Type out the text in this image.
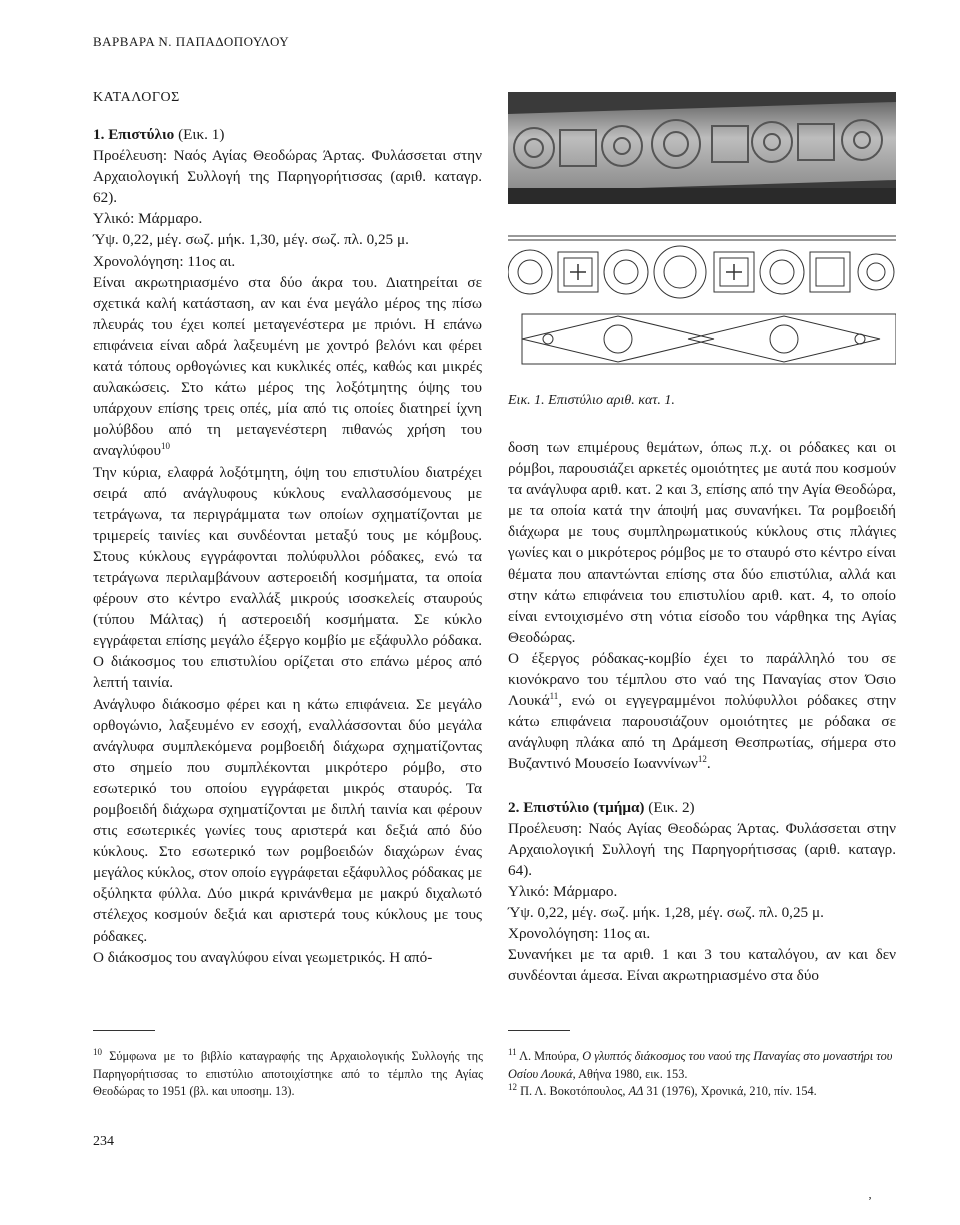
ΒΑΡΒΑΡΑ Ν. ΠΑΠΑΔΟΠΟΥΛΟΥ
ΚΑΤΑΛΟΓΟΣ

1. Επιστύλιο (Εικ. 1)

Προέλευση: Ναός Αγίας Θεοδώρας Άρτας. Φυλάσσεται στην Αρχαιολογική Συλλογή της Παρηγορήτισσας (αριθ. καταγρ. 62).

Υλικό: Μάρμαρο.

Ύψ. 0,22, μέγ. σωζ. μήκ. 1,30, μέγ. σωζ. πλ. 0,25 μ.

Χρονολόγηση: 11ος αι.

Είναι ακρωτηριασμένο στα δύο άκρα του. Διατηρείται σε σχετικά καλή κατάσταση, αν και ένα μεγάλο μέρος της πίσω πλευράς του έχει κοπεί μεταγενέστερα με πριόνι. Η επάνω επιφάνεια είναι αδρά λαξευμένη με χοντρό βελόνι και φέρει κατά τόπους ορθογώνιες και κυκλικές οπές, καθώς και μικρές αυλακώσεις. Στο κάτω μέρος της λοξότμητης όψης του υπάρχουν επίσης τρεις οπές, μία από τις οποίες διατηρεί ίχνη μολύβδου από τη μεταγενέστερη πιθανώς χρήση του αναγλύφου$^{10}$

Την κύρια, ελαφρά λοξότμητη, όψη του επιστυλίου διατρέχει σειρά από ανάγλυφους κύκλους εναλλασσόμενους με τετράγωνα, τα περιγράμματα των οποίων σχηματίζονται με τριμερείς ταινίες και συνδέονται μεταξύ τους με κόμβους. Στους κύκλους εγγράφονται πολύφυλλοι ρόδακες, ενώ τα τετράγωνα περιλαμβάνουν αστεροειδή κοσμήματα, τα οποία φέρουν στο κέντρο εναλλάξ μικρούς ισοσκελείς σταυρούς (τύπου Μάλτας) ή αστεροειδή κοσμήματα. Σε κύκλο εγγράφεται επίσης μεγάλο έξεργο κομβίο με εξάφυλλο ρόδακα. Ο διάκοσμος του επιστυλίου ορίζεται στο επάνω μέρος από λεπτή ταινία.

Ανάγλυφο διάκοσμο φέρει και η κάτω επιφάνεια. Σε μεγάλο ορθογώνιο, λαξευμένο εν εσοχή, εναλλάσσονται δύο μεγάλα ανάγλυφα συμπλεκόμενα ρομβοειδή διάχωρα σχηματίζοντας στο σημείο που συμπλέκονται μικρότερο ρόμβο, στο εσωτερικό του οποίου εγγράφεται μικρός σταυρός. Τα ρομβοειδή διάχωρα σχηματίζονται με διπλή ταινία και φέρουν στις εσωτερικές γωνίες τους αριστερά και δεξιά από δύο κύκλους. Στο εσωτερικό των ρομβοειδών διαχώρων ένας μεγάλος κύκλος, στον οποίο εγγράφεται εξάφυλλος ρόδακας με οξύληκτα φύλλα. Δύο μικρά κρινάνθεμα με μακρύ διχαλωτό στέλεχος κοσμούν δεξιά και αριστερά τους κύκλους με τους ρόδακες.

Ο διάκοσμος του αναγλύφου είναι γεωμετρικός. Η από-

Εικ. 1. Επιστύλιο αριθ. κατ. 1.

δοση των επιμέρους θεμάτων, όπως π.χ. οι ρόδακες και οι ρόμβοι, παρουσιάζει αρκετές ομοιότητες με αυτά που κοσμούν τα ανάγλυφα αριθ. κατ. 2 και 3, επίσης από την Αγία Θεοδώρα, με τα οποία κατά την άποψή μας συνανήκει. Τα ρομβοειδή διάχωρα με τους συμπληρωματικούς κύκλους στις πλάγιες γωνίες και ο μικρότερος ρόμβος με το σταυρό στο κέντρο είναι θέματα που απαντώνται επίσης στα δύο επιστύλια, αλλά και στην κάτω επιφάνεια του επιστυλίου αριθ. κατ. 4, το οποίο είναι εντοιχισμένο στη νότια είσοδο του νάρθηκα της Αγίας Θεοδώρας.

Ο έξεργος ρόδακας-κομβίο έχει το παράλληλό του σε κιονόκρανο του τέμπλου στο ναό της Παναγίας στον Όσιο Λουκά$^{11}$, ενώ οι εγγεγραμμένοι πολύφυλλοι ρόδακες στην κάτω επιφάνεια παρουσιάζουν ομοιότητες με ρόδακα σε ανάγλυφη πλάκα από τη Δράμεση Θεσπρωτίας, σήμερα στο Βυζαντινό Μουσείο Ιωαννίνων$^{12}$.

2. Επιστύλιο (τμήμα) (Εικ. 2)

Προέλευση: Ναός Αγίας Θεοδώρας Άρτας. Φυλάσσεται στην Αρχαιολογική Συλλογή της Παρηγορήτισσας (αριθ. καταγρ. 64).

Υλικό: Μάρμαρο.

Ύψ. 0,22, μέγ. σωζ. μήκ. 1,28, μέγ. σωζ. πλ. 0,25 μ.

Χρονολόγηση: 11ος αι.

Συνανήκει με τα αριθ. 1 και 3 του καταλόγου, αν και δεν συνδέονται άμεσα. Είναι ακρωτηριασμένο στα δύο

$^{10}$ Σύμφωνα με το βιβλίο καταγραφής της Αρχαιολογικής Συλλογής της Παρηγορήτισσας το επιστύλιο αποτοιχίστηκε από το τέμπλο της Αγίας Θεοδώρας το 1951 (βλ. και υποσημ. 13).
$^{11}$ Λ. Μπούρα, Ο γλυπτός διάκοσμος του ναού της Παναγίας στο μοναστήρι του Οσίου Λουκά, Αθήνα 1980, εικ. 153.
$^{12}$ Π. Λ. Βοκοτόπουλος, ΑΔ 31 (1976), Χρονικά, 210, πίν. 154.
234
ʼ
